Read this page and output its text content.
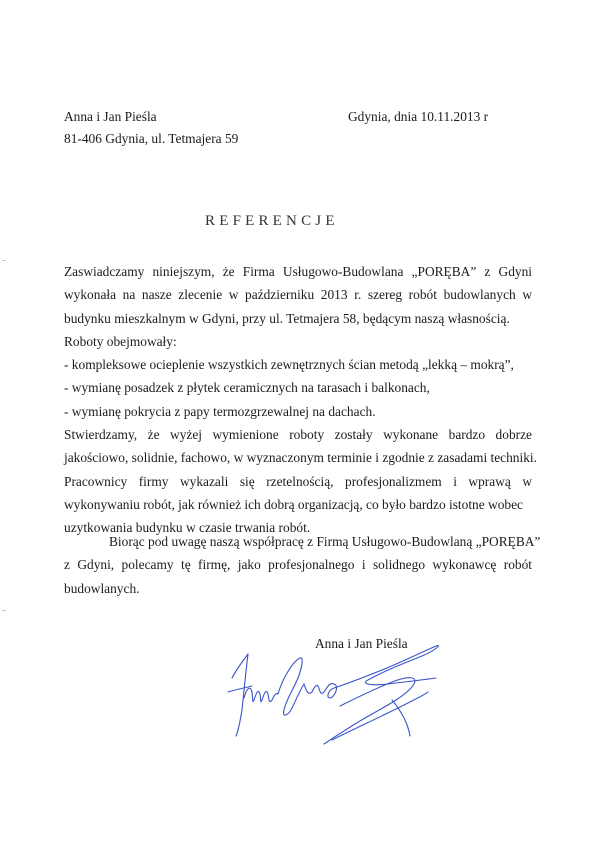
Anna i Jan Pieśla
81-406 Gdynia, ul. Tetmajera 59
Gdynia, dnia 10.11.2013 r
REFERENCJE
Zaswiadczamy niniejszym, że Firma Usługowo-Budowlana „PORĘBA” z Gdyni
wykonała na nasze zlecenie w październiku 2013 r. szereg robót budowlanych w
budynku mieszkalnym w Gdyni, przy ul. Tetmajera 58, będącym naszą własnością.
Roboty obejmowały:
- kompleksowe ocieplenie wszystkich zewnętrznych ścian metodą „lekką – mokrą”,
- wymianę posadzek z płytek ceramicznych na tarasach i balkonach,
- wymianę pokrycia z papy termozgrzewalnej na dachach.
Stwierdzamy, że wyżej wymienione roboty zostały wykonane bardzo dobrze
jakościowo, solidnie, fachowo, w wyznaczonym terminie i zgodnie z zasadami techniki.
Pracownicy firmy wykazali się rzetelnością, profesjonalizmem i wprawą w
wykonywaniu robót, jak również ich dobrą organizacją, co było bardzo istotne wobec
uzytkowania budynku w czasie trwania robót.
Biorąc pod uwagę naszą współpracę z Firmą Usługowo-Budowlaną „PORĘBA”
z Gdyni, polecamy tę firmę, jako profesjonalnego i solidnego wykonawcę robót
budowlanych.
Anna i Jan Pieśla
